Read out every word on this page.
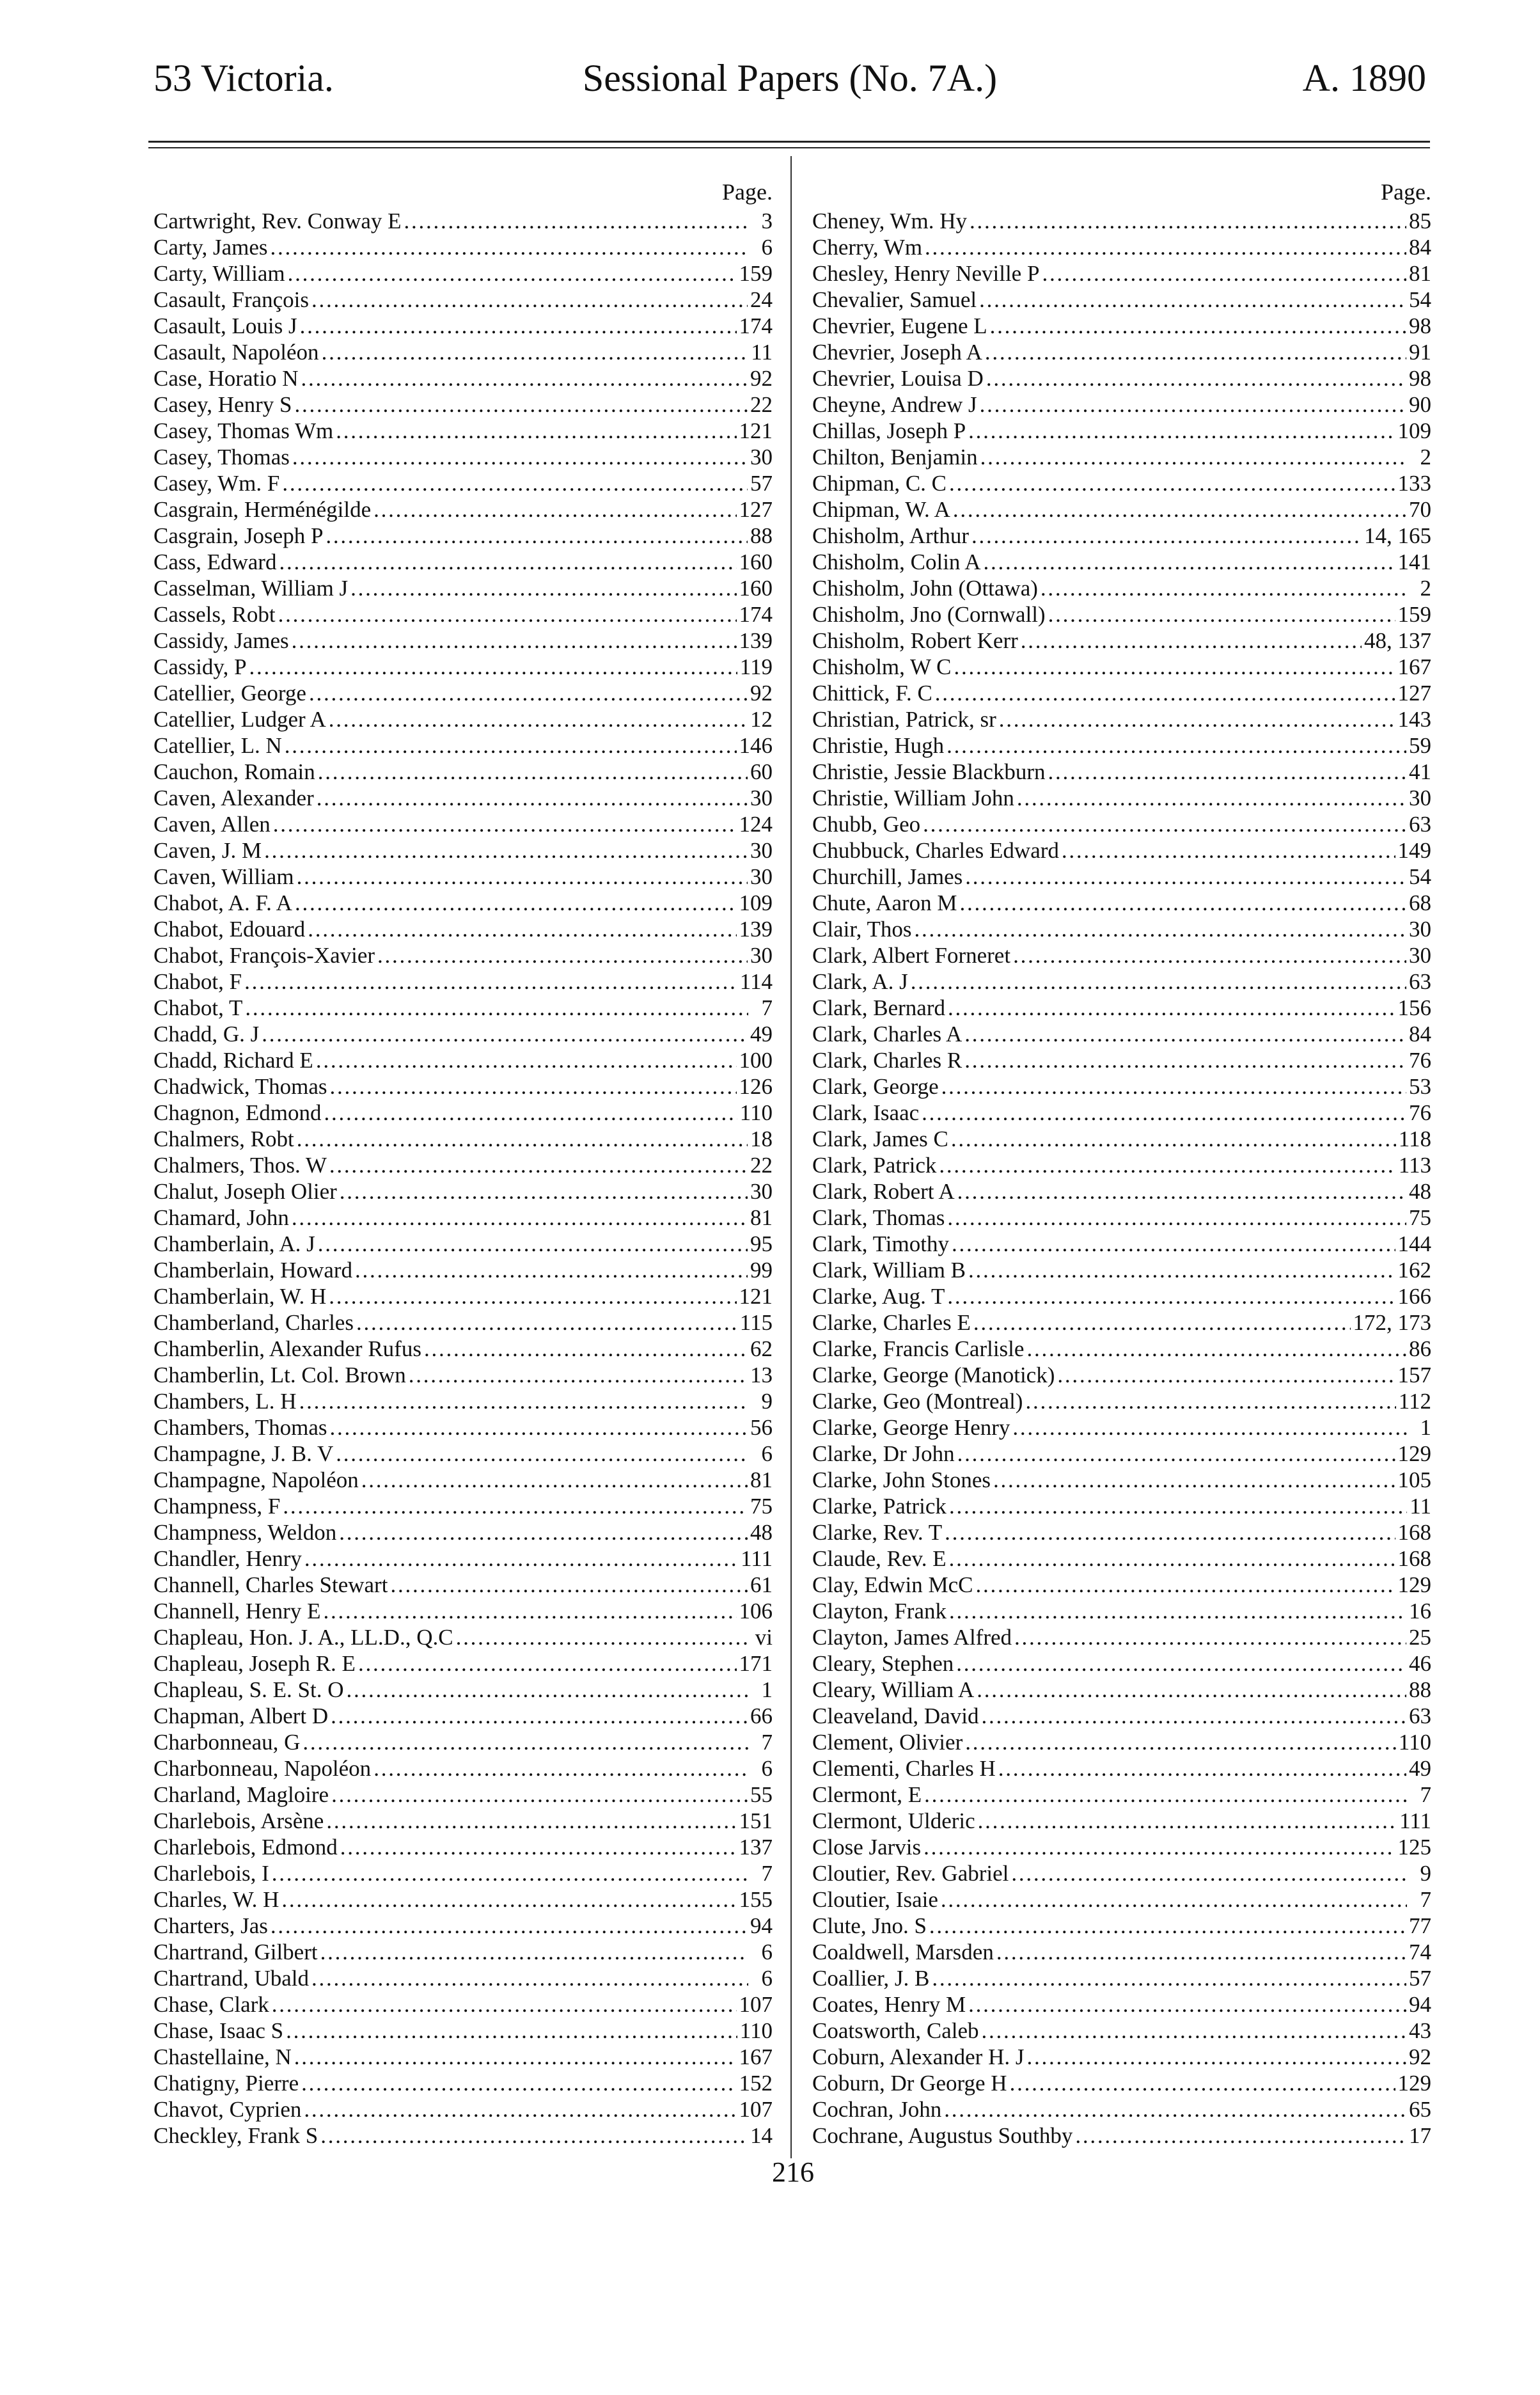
53 Victoria.	Sessional Papers (No. 7A.)	A. 1890
Page.
Cartwright, Rev. Conway E . . .	3
Carty, James . . .	6
Carty, William . . .	159
Casault, François . . .	24
Casault, Louis J . . .	174
Casault, Napoléon . . .	11
Case, Horatio N . . .	92
Casey, Henry S . . .	22
Casey, Thomas Wm . . .	121
Casey, Thomas . . .	30
Casey, Wm. F . . .	57
Casgrain, Herménégilde . . .	127
Casgrain, Joseph P . . .	88
Cass, Edward . . .	160
Casselman, William J . . .	160
Cassels, Robt . . .	174
Cassidy, James . . .	139
Cassidy, P . . .	119
Catellier, George . . .	92
Catellier, Ludger A . . .	12
Catellier, L. N . . .	146
Cauchon, Romain . . .	60
Caven, Alexander . . .	30
Caven, Allen . . .	124
Caven, J. M . . .	30
Caven, William . . .	30
Chabot, A. F. A . . .	109
Chabot, Edouard . . .	139
Chabot, François-Xavier . . .	30
Chabot, F . . .	114
Chabot, T . . .	7
Chadd, G. J . . .	49
Chadd, Richard E . . .	100
Chadwick, Thomas . . .	126
Chagnon, Edmond . . .	110
Chalmers, Robt . . .	18
Chalmers, Thos. W . . .	22
Chalut, Joseph Olier . . .	30
Chamard, John . . .	81
Chamberlain, A. J . . .	95
Chamberlain, Howard . . .	99
Chamberlain, W. H . . .	121
Chamberland, Charles . . .	115
Chamberlin, Alexander Rufus . . .	62
Chamberlin, Lt. Col. Brown . . .	13
Chambers, L. H . . .	9
Chambers, Thomas . . .	56
Champagne, J. B. V . . .	6
Champagne, Napoléon . . .	81
Champness, F . . .	75
Champness, Weldon . . .	48
Chandler, Henry . . .	111
Channell, Charles Stewart . . .	61
Channell, Henry E . . .	106
Chapleau, Hon. J. A., LL.D., Q.C . . .	vi
Chapleau, Joseph R. E . . .	171
Chapleau, S. E. St. O . . .	1
Chapman, Albert D . . .	66
Charbonneau, G . . .	7
Charbonneau, Napoléon . . .	6
Charland, Magloire . . .	55
Charlebois, Arsène . . .	151
Charlebois, Edmond . . .	137
Charlebois, I . . .	7
Charles, W. H . . .	155
Charters, Jas . . .	94
Chartrand, Gilbert . . .	6
Chartrand, Ubald . . .	6
Chase, Clark . . .	107
Chase, Isaac S . . .	110
Chastellaine, N . . .	167
Chatigny, Pierre . . .	152
Chavot, Cyprien . . .	107
Checkley, Frank S . . .	14
Page.
Cheney, Wm. Hy . . .	85
Cherry, Wm . . .	84
Chesley, Henry Neville P . . .	81
Chevalier, Samuel . . .	54
Chevrier, Eugene L . . .	98
Chevrier, Joseph A . . .	91
Chevrier, Louisa D . . .	98
Cheyne, Andrew J . . .	90
Chillas, Joseph P . . .	109
Chilton, Benjamin . . .	2
Chipman, C. C . . .	133
Chipman, W. A . . .	70
Chisholm, Arthur . . .	14, 165
Chisholm, Colin A . . .	141
Chisholm, John (Ottawa) . . .	2
Chisholm, Jno (Cornwall) . . .	159
Chisholm, Robert Kerr . . .	48, 137
Chisholm, W C . . .	167
Chittick, F. C . . .	127
Christian, Patrick, sr . . .	143
Christie, Hugh . . .	59
Christie, Jessie Blackburn . . .	41
Christie, William John . . .	30
Chubb, Geo . . .	63
Chubbuck, Charles Edward . . .	149
Churchill, James . . .	54
Chute, Aaron M . . .	68
Clair, Thos . . .	30
Clark, Albert Forneret . . .	30
Clark, A. J . . .	63
Clark, Bernard . . .	156
Clark, Charles A . . .	84
Clark, Charles R . . .	76
Clark, George . . .	53
Clark, Isaac . . .	76
Clark, James C . . .	118
Clark, Patrick . . .	113
Clark, Robert A . . .	48
Clark, Thomas . . .	75
Clark, Timothy . . .	144
Clark, William B . . .	162
Clarke, Aug. T . . .	166
Clarke, Charles E . . .	172, 173
Clarke, Francis Carlisle . . .	86
Clarke, George (Manotick) . . .	157
Clarke, Geo (Montreal) . . .	112
Clarke, George Henry . . .	1
Clarke, Dr John . . .	129
Clarke, John Stones . . .	105
Clarke, Patrick . . .	11
Clarke, Rev. T . . .	168
Claude, Rev. E . . .	168
Clay, Edwin McC . . .	129
Clayton, Frank . . .	16
Clayton, James Alfred . . .	25
Cleary, Stephen . . .	46
Cleary, William A . . .	88
Cleaveland, David . . .	63
Clement, Olivier . . .	110
Clementi, Charles H . . .	49
Clermont, E . . .	7
Clermont, Ulderic . . .	111
Close Jarvis . . .	125
Cloutier, Rev. Gabriel . . .	9
Cloutier, Isaie . . .	7
Clute, Jno. S . . .	77
Coaldwell, Marsden . . .	74
Coallier, J. B . . .	57
Coates, Henry M . . .	94
Coatsworth, Caleb . . .	43
Coburn, Alexander H. J . . .	92
Coburn, Dr George H . . .	129
Cochran, John . . .	65
Cochrane, Augustus Southby . . .	17
216
